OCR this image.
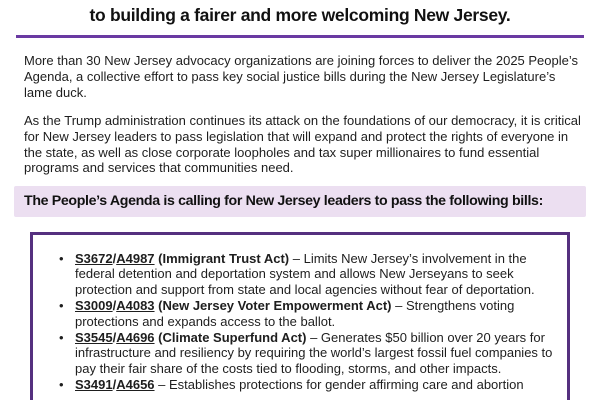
to building a fairer and more welcoming New Jersey.

More than 30 New Jersey advocacy organizations are joining forces to deliver the 2025 People’s Agenda, a collective effort to pass key social justice bills during the New Jersey Legislature’s lame duck.

As the Trump administration continues its attack on the foundations of our democracy, it is critical for New Jersey leaders to pass legislation that will expand and protect the rights of everyone in the state, as well as close corporate loopholes and tax super millionaires to fund essential programs and services that communities need.

The People’s Agenda is calling for New Jersey leaders to pass the following bills:
• S3672/A4987 (Immigrant Trust Act) – Limits New Jersey’s involvement in the federal detention and deportation system and allows New Jerseyans to seek protection and support from state and local agencies without fear of deportation.
• S3009/A4083 (New Jersey Voter Empowerment Act) – Strengthens voting protections and expands access to the ballot.
• S3545/A4696 (Climate Superfund Act) – Generates $50 billion over 20 years for infrastructure and resiliency by requiring the world’s largest fossil fuel companies to pay their fair share of the costs tied to flooding, storms, and other impacts.
• S3491/A4656 – Establishes protections for gender affirming care and abortion
